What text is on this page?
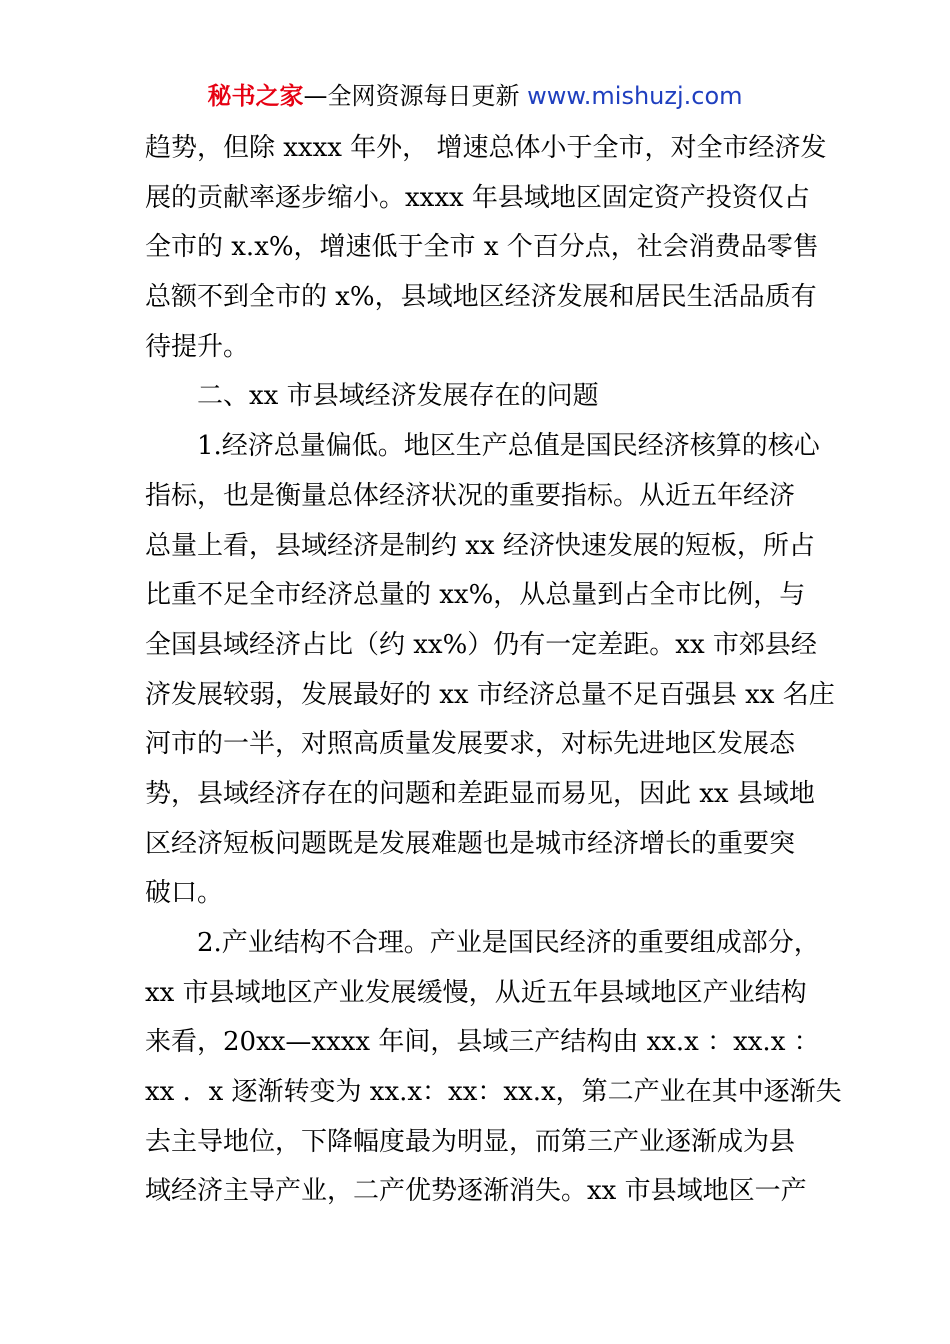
秘书之家—全网资源每日更新 www.mishuzj.com
趋势，但除 xxxx 年外， 增速总体小于全市，对全市经济发
展的贡献率逐步缩小。xxxx 年县域地区固定资产投资仅占
全市的 x.x%，增速低于全市 x 个百分点，社会消费品零售
总额不到全市的 x%，县域地区经济发展和居民生活品质有
待提升。
二、xx 市县域经济发展存在的问题
1.经济总量偏低。地区生产总值是国民经济核算的核心
指标，也是衡量总体经济状况的重要指标。从近五年经济
总量上看，县域经济是制约 xx 经济快速发展的短板，所占
比重不足全市经济总量的 xx%，从总量到占全市比例，与
全国县域经济占比（约 xx%）仍有一定差距。xx 市郊县经
济发展较弱，发展最好的 xx 市经济总量不足百强县 xx 名庄
河市的一半，对照高质量发展要求，对标先进地区发展态
势，县域经济存在的问题和差距显而易见，因此 xx 县域地
区经济短板问题既是发展难题也是城市经济增长的重要突
破口。
2.产业结构不合理。产业是国民经济的重要组成部分，
xx 市县域地区产业发展缓慢，从近五年县域地区产业结构
来看，20xx—xxxx 年间，县域三产结构由 xx.x ：xx.x ：
xx ．x 逐渐转变为 xx.x：xx：xx.x，第二产业在其中逐渐失
去主导地位，下降幅度最为明显，而第三产业逐渐成为县
域经济主导产业，二产优势逐渐消失。xx 市县域地区一产
